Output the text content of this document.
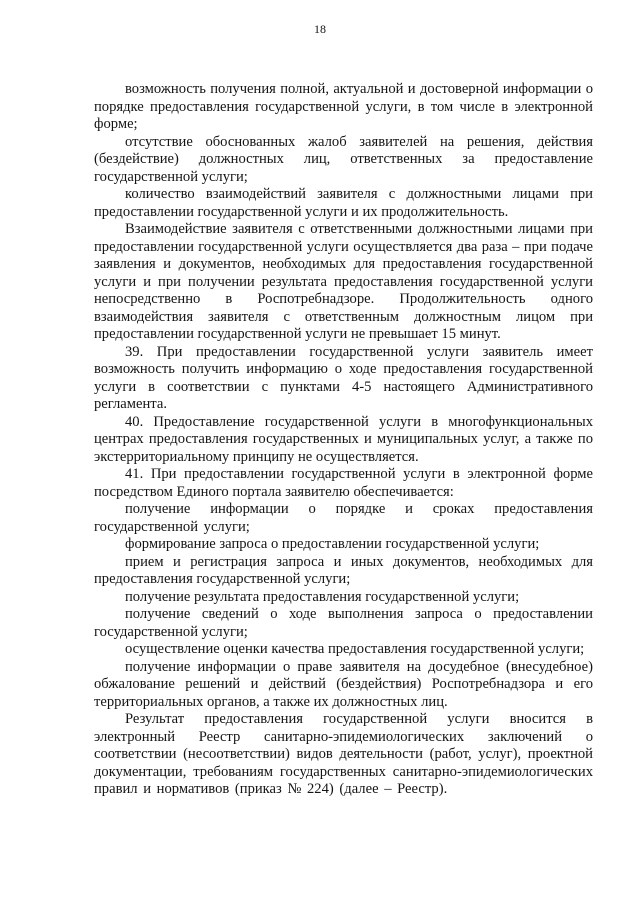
18

возможность получения полной, актуальной и достоверной информации о порядке предоставления государственной услуги, в том числе в электронной форме;

отсутствие обоснованных жалоб заявителей на решения, действия (бездействие) должностных лиц, ответственных за предоставление государственной услуги;

количество взаимодействий заявителя с должностными лицами при предоставлении государственной услуги и их продолжительность.

Взаимодействие заявителя с ответственными должностными лицами при предоставлении государственной услуги осуществляется два раза – при подаче заявления и документов, необходимых для предоставления государственной услуги и при получении результата предоставления государственной услуги непосредственно в Роспотребнадзоре. Продолжительность одного взаимодействия заявителя с ответственным должностным лицом при предоставлении государственной услуги не превышает 15 минут.

39. При предоставлении государственной услуги заявитель имеет возможность получить информацию о ходе предоставления государственной услуги в соответствии с пунктами 4-5 настоящего Административного регламента.

40. Предоставление государственной услуги в многофункциональных центрах предоставления государственных и муниципальных услуг, а также по экстерриториальному принципу не осуществляется.

41. При предоставлении государственной услуги в электронной форме посредством Единого портала заявителю обеспечивается:

получение информации о порядке и сроках предоставления государственной услуги;

формирование запроса о предоставлении государственной услуги;

прием и регистрация запроса и иных документов, необходимых для предоставления государственной услуги;

получение результата предоставления государственной услуги;

получение сведений о ходе выполнения запроса о предоставлении государственной услуги;

осуществление оценки качества предоставления государственной услуги;

получение информации о праве заявителя на досудебное (внесудебное) обжалование решений и действий (бездействия) Роспотребнадзора и его территориальных органов, а также их должностных лиц.

Результат предоставления государственной услуги вносится в электронный Реестр санитарно-эпидемиологических заключений о соответствии (несоответствии) видов деятельности (работ, услуг), проектной документации, требованиям государственных санитарно-эпидемиологических правил и нормативов (приказ № 224) (далее – Реестр).
